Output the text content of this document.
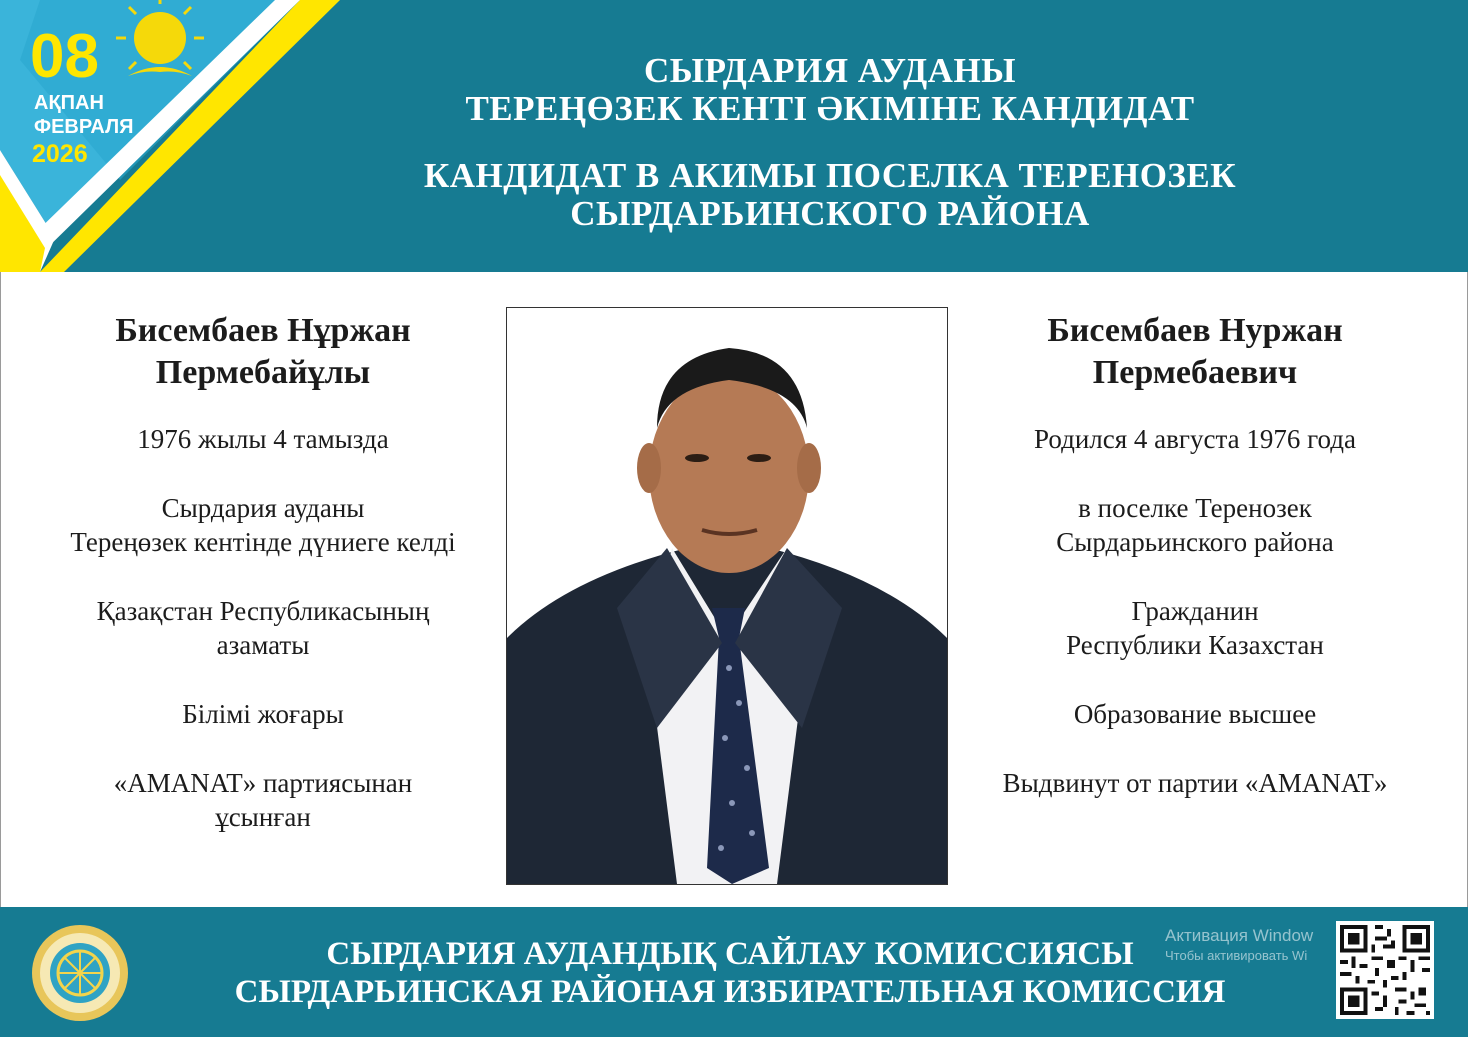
СЫРДАРИЯ АУДАНЫ
ТЕРЕҢӨЗЕК КЕНТІ ӘКІМІНЕ КАНДИДАТ
КАНДИДАТ В АКИМЫ ПОСЕЛКА ТЕРЕНОЗЕК
СЫРДАРЬИНСКОГО РАЙОНА
08
АҚПАН
ФЕВРАЛЯ
2026
Бисембаев Нұржан
Пермебайұлы

1976 жылы 4 тамызда

Сырдария ауданы
Тереңөзек кентінде дүниеге келді

Қазақстан Республикасының
азаматы

Білімі жоғары

«AMANAT» партиясынан
ұсынған

Бисембаев Нуржан
Пермебаевич

Родился 4 августа 1976 года

в поселке Теренозек
Сырдарьинского района

Гражданин
Республики Казахстан

Образование высшее

Выдвинут от партии «AMANAT»

СЫРДАРИЯ АУДАНДЫҚ САЙЛАУ КОМИССИЯСЫ
СЫРДАРЬИНСКАЯ РАЙОНАЯ ИЗБИРАТЕЛЬНАЯ КОМИССИЯ
Активация Window
Чтобы активировать Wi
